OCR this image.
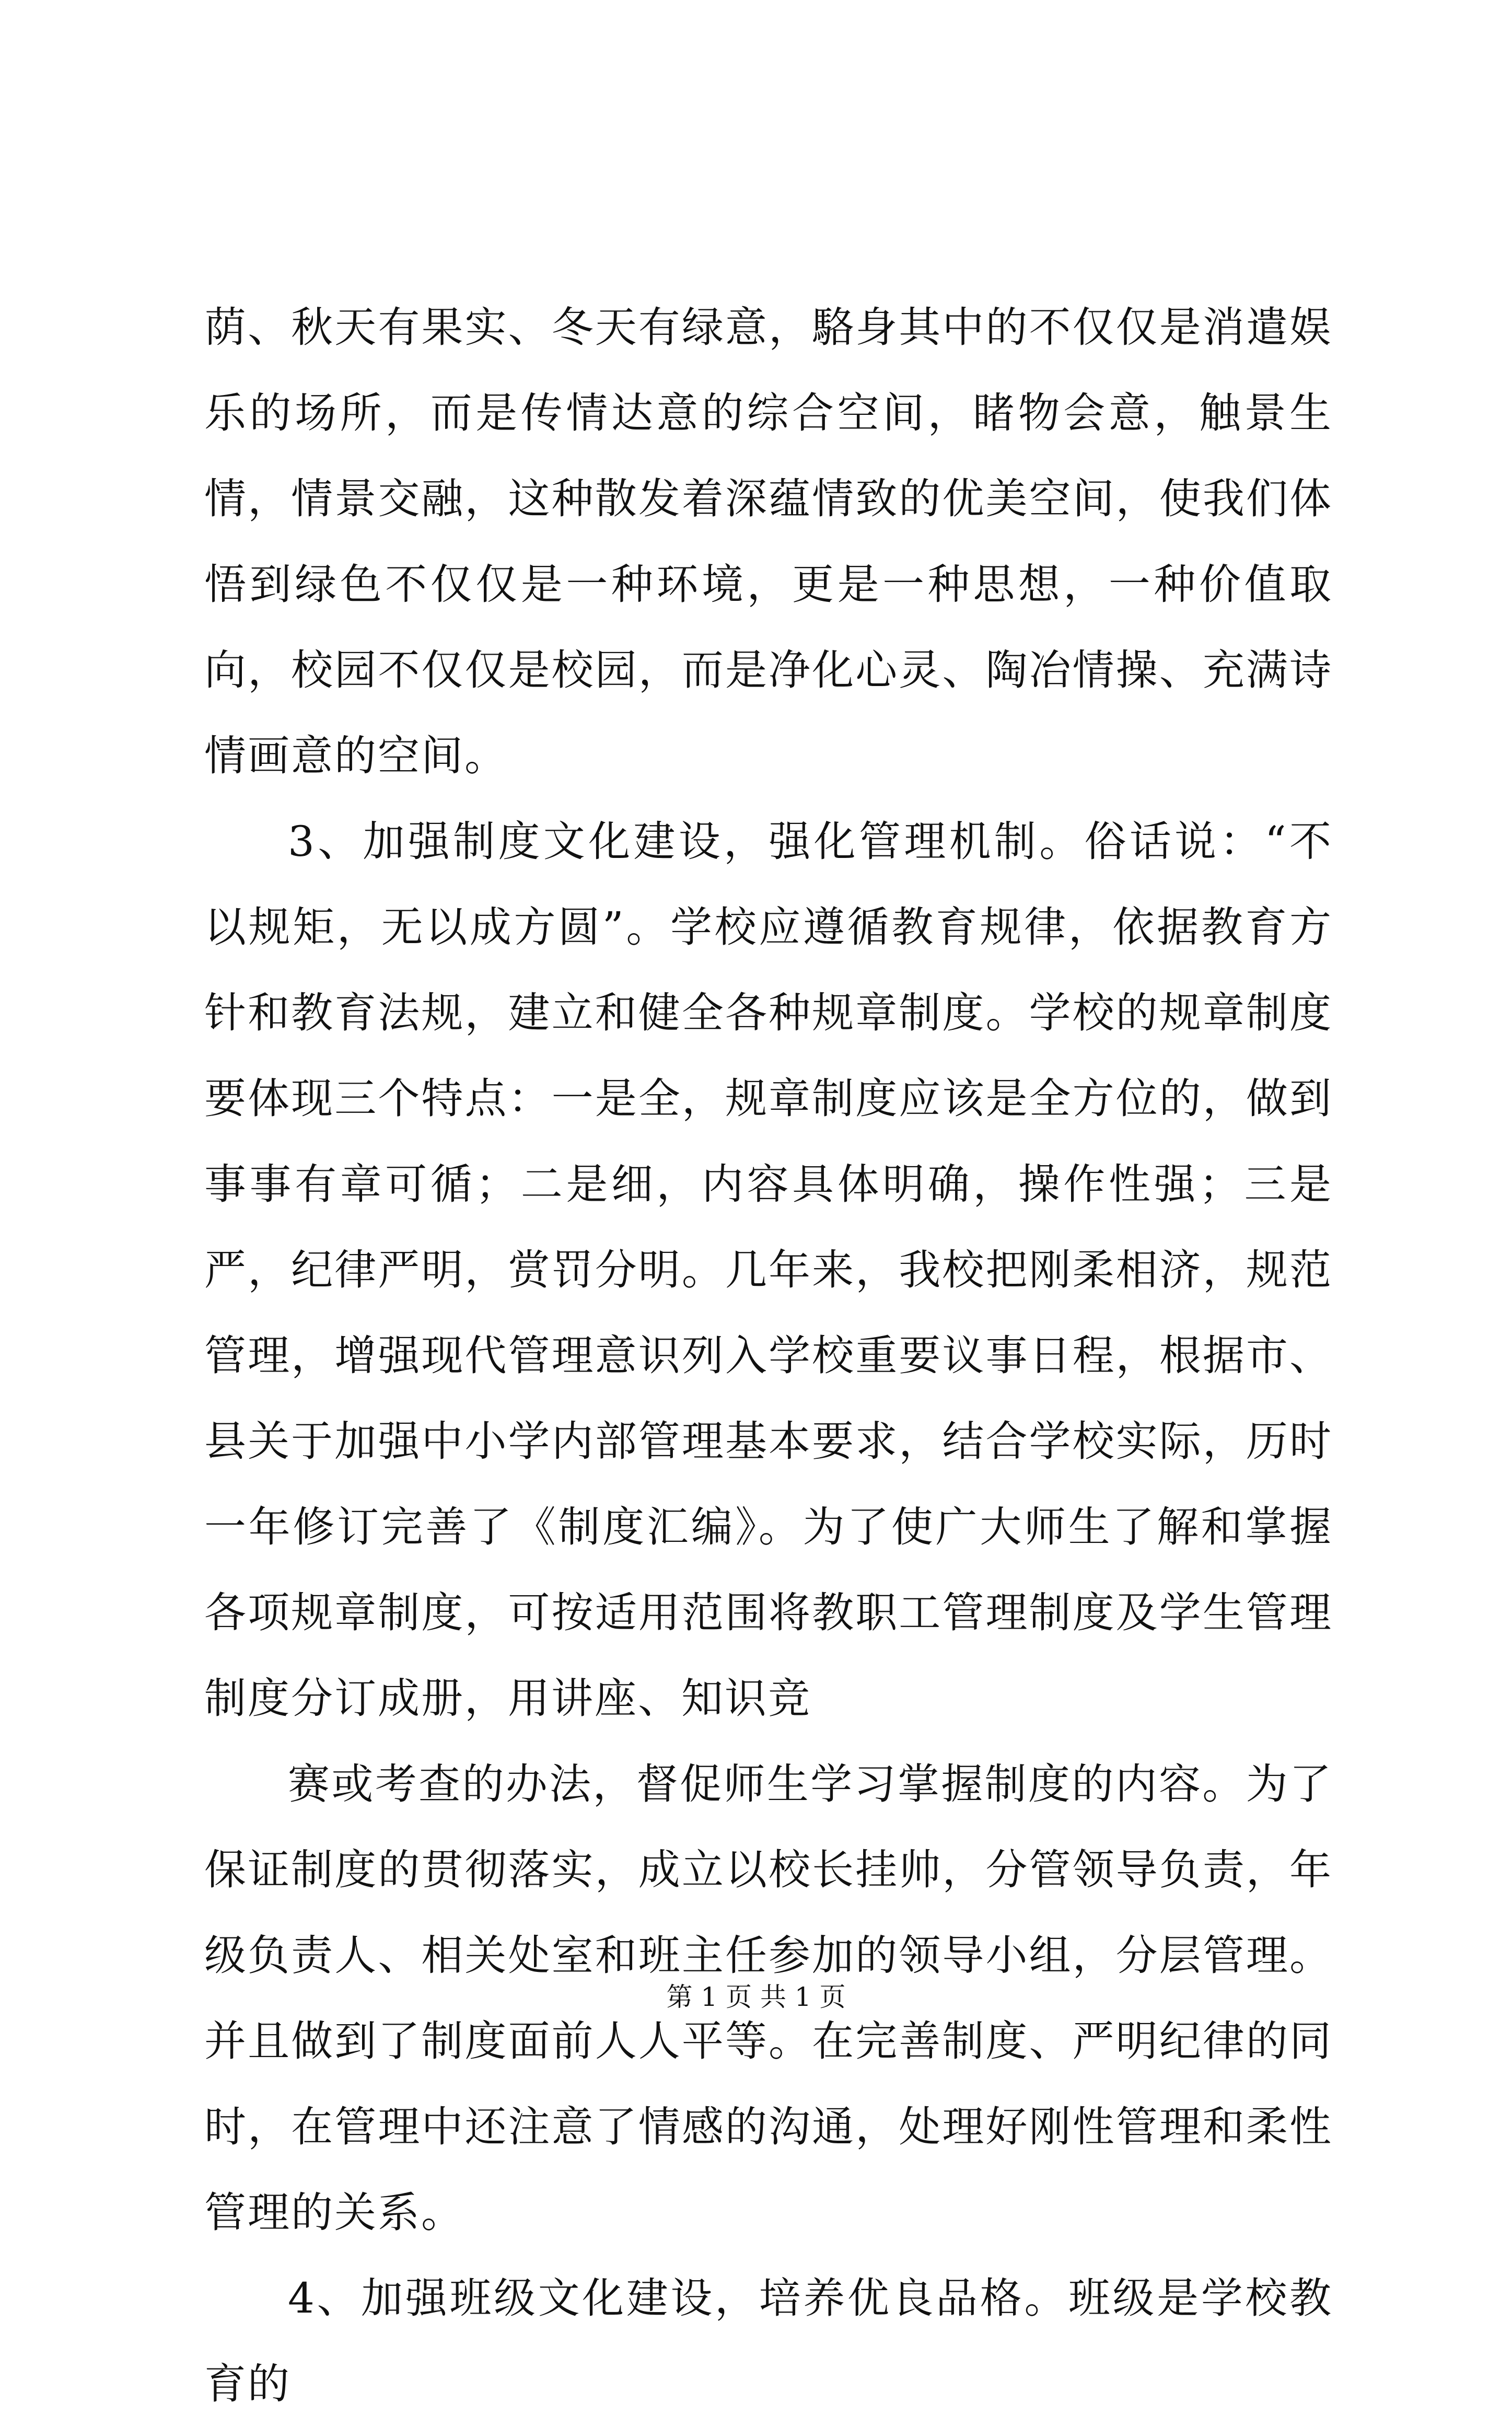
荫、秋天有果实、冬天有绿意，駱身其中的不仅仅是消遣娱乐的场所，而是传情达意的综合空间，睹物会意，触景生情，情景交融，这种散发着深蕴情致的优美空间，使我们体悟到绿色不仅仅是一种环境，更是一种思想，一种价值取向，校园不仅仅是校园，而是净化心灵、陶冶情操、充满诗情画意的空间。

3、加强制度文化建设，强化管理机制。俗话说：“不以规矩，无以成方圆”。学校应遵循教育规律，依据教育方针和教育法规，建立和健全各种规章制度。学校的规章制度要体现三个特点：一是全，规章制度应该是全方位的，做到事事有章可循；二是细，内容具体明确，操作性强；三是严，纪律严明，赏罚分明。几年来，我校把刚柔相济，规范管理，增强现代管理意识列入学校重要议事日程，根据市、县关于加强中小学内部管理基本要求，结合学校实际，历时一年修订完善了《制度汇编》。为了使广大师生了解和掌握各项规章制度，可按适用范围将教职工管理制度及学生管理制度分订成册，用讲座、知识竞

赛或考查的办法，督促师生学习掌握制度的内容。为了保证制度的贯彻落实，成立以校长挂帅，分管领导负责，年级负责人、相关处室和班主任参加的领导小组，分层管理。并且做到了制度面前人人平等。在完善制度、严明纪律的同时，在管理中还注意了情感的沟通，处理好刚性管理和柔性管理的关系。

4、加强班级文化建设，培养优良品格。班级是学校教育的

第 1 页 共 1 页
